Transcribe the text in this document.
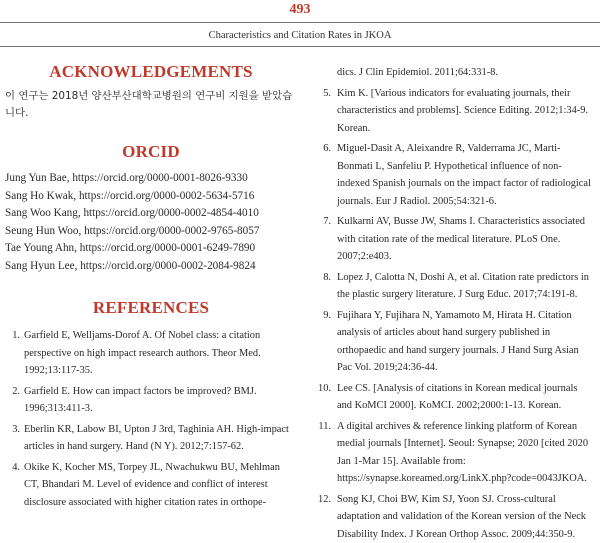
493
Characteristics and Citation Rates in JKOA
ACKNOWLEDGEMENTS

이 연구는 2018년 양산부산대학교병원의 연구비 지원을 받았습니다.

ORCID
Jung Yun Bae, https://orcid.org/0000-0001-8026-9330
Sang Ho Kwak, https://orcid.org/0000-0002-5634-5716
Sang Woo Kang, https://orcid.org/0000-0002-4854-4010
Seung Hun Woo, https://orcid.org/0000-0002-9765-8057
Tae Young Ahn, https://orcid.org/0000-0001-6249-7890
Sang Hyun Lee, https://orcid.org/0000-0002-2084-9824
REFERENCES
1. Garfield E, Welljams-Dorof A. Of Nobel class: a citation perspective on high impact research authors. Theor Med. 1992;13:117-35.
2. Garfield E. How can impact factors be improved? BMJ. 1996;313:411-3.
3. Eberlin KR, Labow BI, Upton J 3rd, Taghinia AH. High-impact articles in hand surgery. Hand (N Y). 2012;7:157-62.
4. Okike K, Kocher MS, Torpey JL, Nwachukwu BU, Mehlman CT, Bhandari M. Level of evidence and conflict of interest disclosure associated with higher citation rates in orthope-
dics. J Clin Epidemiol. 2011;64:331-8.
5. Kim K. [Various indicators for evaluating journals, their characteristics and problems]. Science Editing. 2012;1:34-9. Korean.
6. Miguel-Dasit A, Aleixandre R, Valderrama JC, Marti-Bonmati L, Sanfeliu P. Hypothetical influence of non-indexed Spanish journals on the impact factor of radiological journals. Eur J Radiol. 2005;54:321-6.
7. Kulkarni AV, Busse JW, Shams I. Characteristics associated with citation rate of the medical literature. PLoS One. 2007;2:e403.
8. Lopez J, Calotta N, Doshi A, et al. Citation rate predictors in the plastic surgery literature. J Surg Educ. 2017;74:191-8.
9. Fujihara Y, Fujihara N, Yamamoto M, Hirata H. Citation analysis of articles about hand surgery published in orthopaedic and hand surgery journals. J Hand Surg Asian Pac Vol. 2019;24:36-44.
10. Lee CS. [Analysis of citations in Korean medical journals and KoMCI 2000]. KoMCI. 2002;2000:1-13. Korean.
11. A digital archives & reference linking platform of Korean medial journals [Internet]. Seoul: Synapse; 2020 [cited 2020 Jan 1-Mar 15]. Available from: https://synapse.koreamed.org/LinkX.php?code=0043JKOA.
12. Song KJ, Choi BW, Kim SJ, Yoon SJ. Cross-cultural adaptation and validation of the Korean version of the Neck Disability Index. J Korean Orthop Assoc. 2009;44:350-9.
